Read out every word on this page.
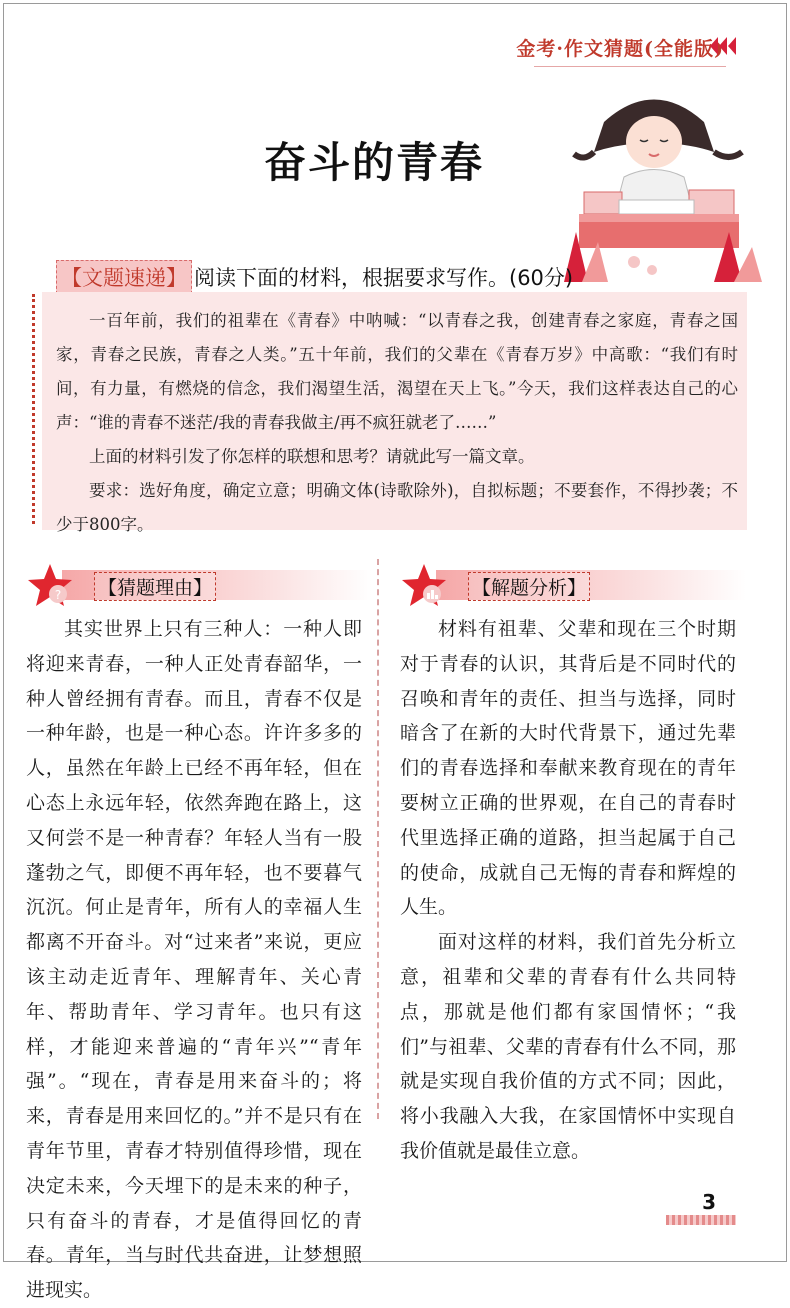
金考·作文猜题(全能版)
奋斗的青春
【文题速递】 阅读下面的材料，根据要求写作。(60分)

一百年前，我们的祖辈在《青春》中呐喊：“以青春之我，创建青春之家庭，青春之国家，青春之民族，青春之人类。”五十年前，我们的父辈在《青春万岁》中高歌：“我们有时间，有力量，有燃烧的信念，我们渴望生活，渴望在天上飞。”今天，我们这样表达自己的心声：“谁的青春不迷茫/我的青春我做主/再不疯狂就老了……”

上面的材料引发了你怎样的联想和思考？请就此写一篇文章。

要求：选好角度，确定立意；明确文体(诗歌除外)，自拟标题；不要套作，不得抄袭；不少于800字。

? 【猜题理由】	【解题分析】

其实世界上只有三种人：一种人即将迎来青春，一种人正处青春韶华，一种人曾经拥有青春。而且，青春不仅是一种年龄，也是一种心态。许许多多的人，虽然在年龄上已经不再年轻，但在心态上永远年轻，依然奔跑在路上，这又何尝不是一种青春？年轻人当有一股蓬勃之气，即便不再年轻，也不要暮气沉沉。何止是青年，所有人的幸福人生都离不开奋斗。对“过来者”来说，更应该主动走近青年、理解青年、关心青年、帮助青年、学习青年。也只有这样，才能迎来普遍的“青年兴”“青年强”。“现在，青春是用来奋斗的；将来，青春是用来回忆的。”并不是只有在青年节里，青春才特别值得珍惜，现在决定未来，今天埋下的是未来的种子，只有奋斗的青春，才是值得回忆的青春。青年，当与时代共奋进，让梦想照进现实。

材料有祖辈、父辈和现在三个时期对于青春的认识，其背后是不同时代的召唤和青年的责任、担当与选择，同时暗含了在新的大时代背景下，通过先辈们的青春选择和奉献来教育现在的青年要树立正确的世界观，在自己的青春时代里选择正确的道路，担当起属于自己的使命，成就自己无悔的青春和辉煌的人生。

面对这样的材料，我们首先分析立意，祖辈和父辈的青春有什么共同特点，那就是他们都有家国情怀；“我们”与祖辈、父辈的青春有什么不同，那就是实现自我价值的方式不同；因此，将小我融入大我，在家国情怀中实现自我价值就是最佳立意。

3
